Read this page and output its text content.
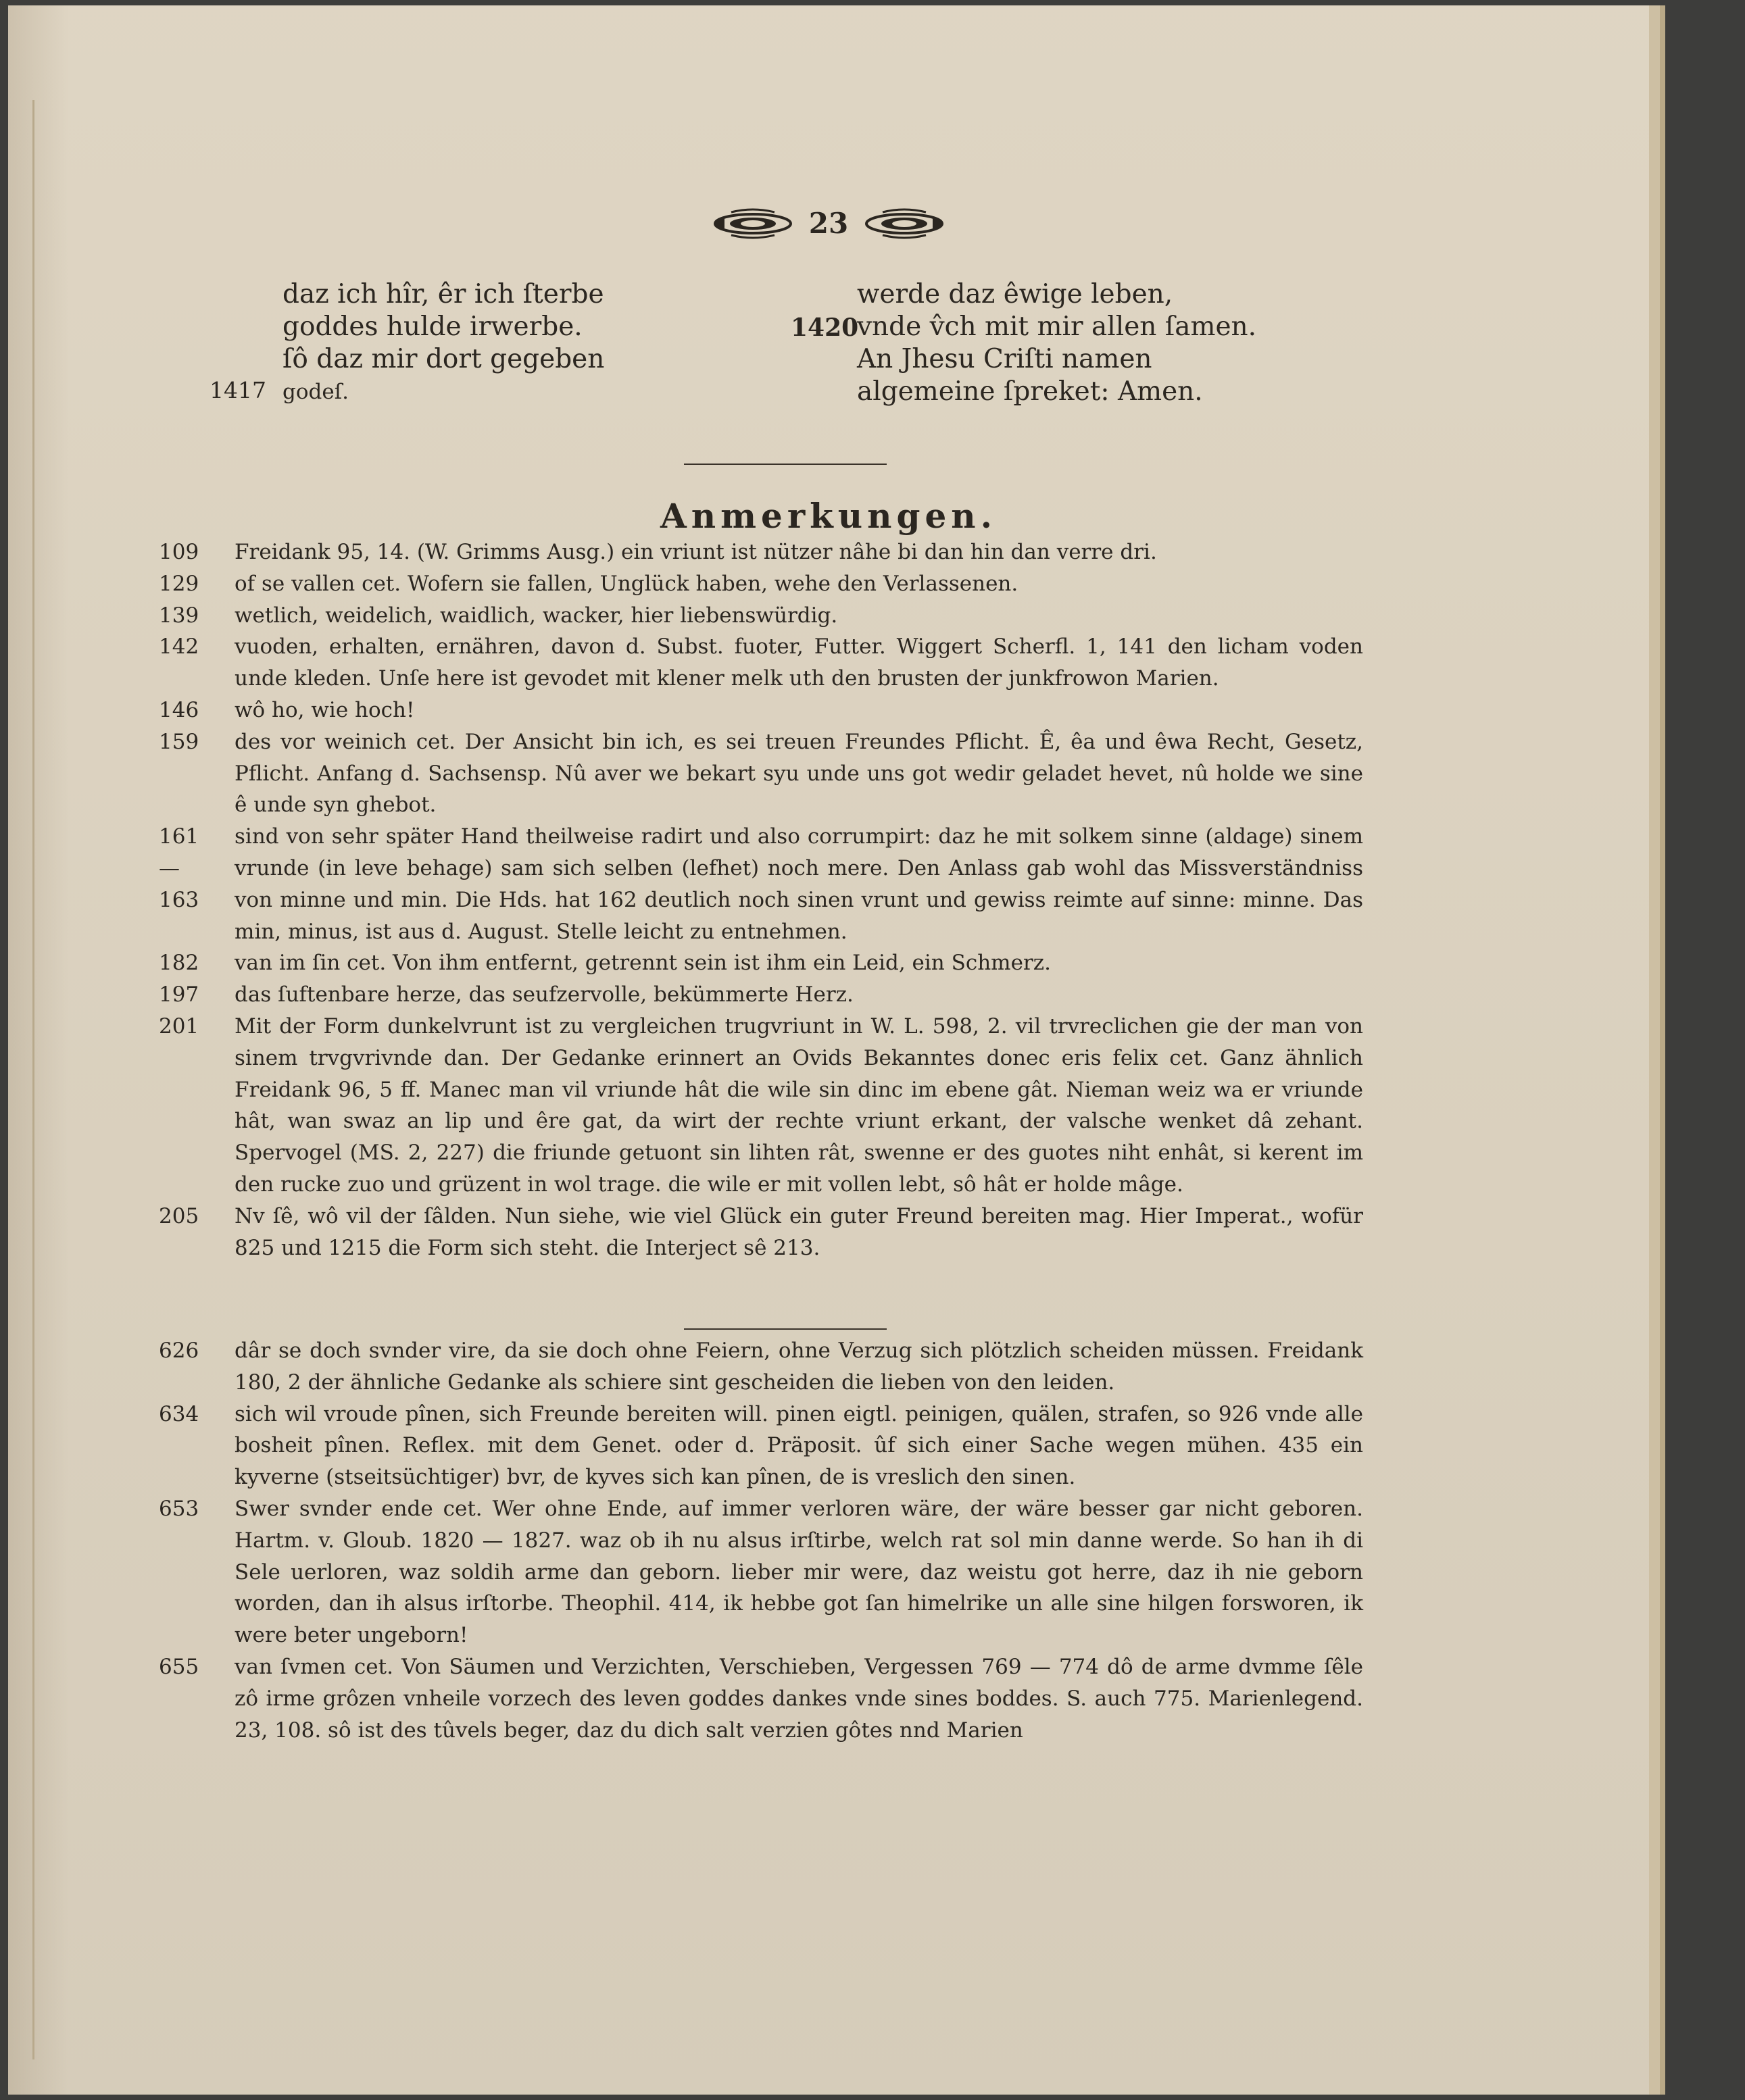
23
daz ich hîr, êr ich ſterbe
goddes hulde irwerbe.
ſô daz mir dort gegeben
godeſ.
1417
werde daz êwige leben,
vnde v̂ch mit mir allen ſamen.
An Jhesu Criſti namen
algemeine ſpreket: Amen.
1420
Anmerkungen.
109	Freidank 95, 14. (W. Grimms Ausg.) ein vriunt ist nützer nâhe bi dan hin dan verre dri.
129	of se vallen cet. Wofern sie fallen, Unglück haben, wehe den Verlassenen.
139	wetlich, weidelich, waidlich, wacker, hier liebenswürdig.
142	vuoden, erhalten, ernähren, davon d. Subst. fuoter, Futter. Wiggert Scherfl. 1, 141 den licham voden unde kleden. Unſe here ist gevodet mit klener melk uth den brusten der junkfrowon Marien.
146	wô ho, wie hoch!
159	des vor weinich cet. Der Ansicht bin ich, es sei treuen Freundes Pflicht. Ê, êa und êwa Recht, Gesetz, Pflicht. Anfang d. Sachsensp. Nû aver we bekart syu unde uns got wedir geladet hevet, nû holde we sine ê unde syn ghebot.
161 — 163
sind von sehr später Hand theilweise radirt und also corrumpirt: daz he mit solkem sinne (aldage) sinem vrunde (in leve behage) sam sich selben (lefhet) noch mere. Den Anlass gab wohl das Missverständniss von minne und min. Die Hds. hat 162 deutlich noch sinen vrunt und gewiss reimte auf sinne: minne. Das min, minus, ist aus d. August. Stelle leicht zu entnehmen.
182	van im ſin cet. Von ihm entfernt, getrennt sein ist ihm ein Leid, ein Schmerz.
197	das ſuftenbare herze, das seufzervolle, bekümmerte Herz.
201	Mit der Form dunkelvrunt ist zu vergleichen trugvriunt in W. L. 598, 2. vil trvreclichen gie der man von sinem trvgvrivnde dan. Der Gedanke erinnert an Ovids Bekanntes donec eris felix cet. Ganz ähnlich Freidank 96, 5 ff. Manec man vil vriunde hât die wile sin dinc im ebene gât. Nieman weiz wa er vriunde hât, wan swaz an lip und êre gat, da wirt der rechte vriunt erkant, der valsche wenket dâ zehant. Spervogel (MS. 2, 227) die friunde getuont sin lihten rât, swenne er des guotes niht enhât, si kerent im den rucke zuo und grüzent in wol trage. die wile er mit vollen lebt, sô hât er holde mâge.
205	Nv ſê, wô vil der ſâlden. Nun siehe, wie viel Glück ein guter Freund bereiten mag. Hier Imperat., wofür 825 und 1215 die Form sich steht. die Interject sê 213.
626	dâr se doch svnder vire, da sie doch ohne Feiern, ohne Verzug sich plötzlich scheiden müssen. Freidank 180, 2 der ähnliche Gedanke als schiere sint gescheiden die lieben von den leiden.
634	sich wil vroude pînen, sich Freunde bereiten will. pinen eigtl. peinigen, quälen, strafen, so 926 vnde alle bosheit pînen. Reflex. mit dem Genet. oder d. Präposit. ûf sich einer Sache wegen mühen. 435 ein kyverne (stseitsüchtiger) bvr, de kyves sich kan pînen, de is vreslich den sinen.
653	Swer svnder ende cet. Wer ohne Ende, auf immer verloren wäre, der wäre besser gar nicht geboren. Hartm. v. Gloub. 1820 — 1827. waz ob ih nu alsus irſtirbe, welch rat sol min danne werde. So han ih di Sele uerloren, waz soldih arme dan geborn. lieber mir were, daz weistu got herre, daz ih nie geborn worden, dan ih alsus irſtorbe. Theophil. 414, ik hebbe got ſan himelrike un alle sine hilgen forsworen, ik were beter ungeborn!
655	van ſvmen cet. Von Säumen und Verzichten, Verschieben, Vergessen 769 — 774 dô de arme dvmme ſêle zô irme grôzen vnheile vorzech des leven goddes dankes vnde sines boddes. S. auch 775. Marienlegend. 23, 108. sô ist des tûvels beger, daz du dich salt verzien gôtes nnd Marien
